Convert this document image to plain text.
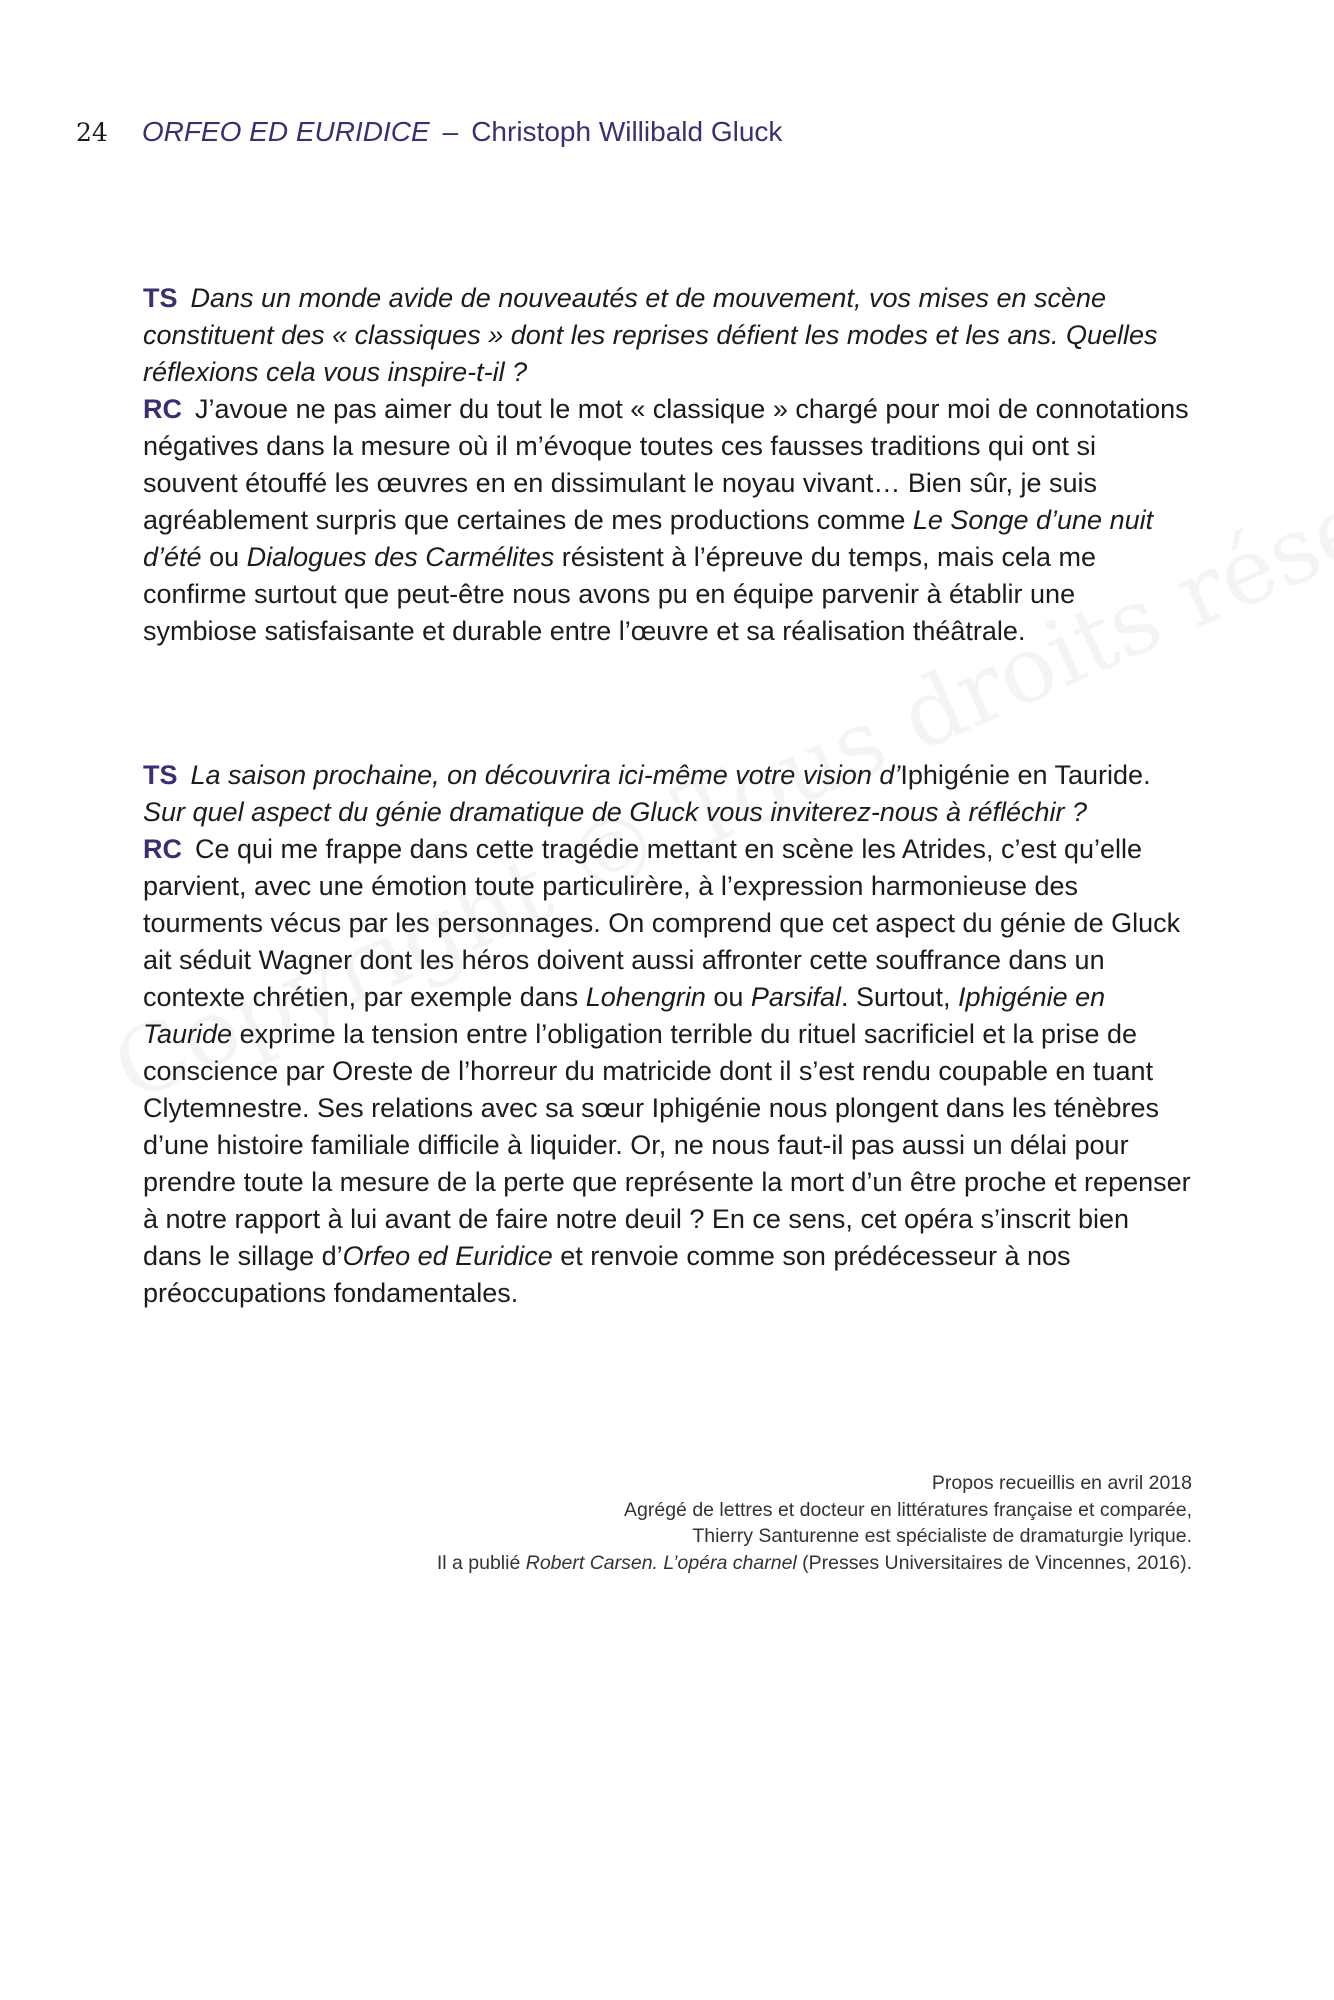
24 ORFEO ED EURIDICE – Christoph Willibald Gluck

TS Dans un monde avide de nouveautés et de mouvement, vos mises en scène constituent des « classiques » dont les reprises défient les modes et les ans. Quelles réflexions cela vous inspire-t-il ?

RC J’avoue ne pas aimer du tout le mot « classique » chargé pour moi de connotations négatives dans la mesure où il m’évoque toutes ces fausses traditions qui ont si souvent étouffé les œuvres en en dissimulant le noyau vivant… Bien sûr, je suis agréablement surpris que certaines de mes productions comme Le Songe d’une nuit d’été ou Dialogues des Carmélites résistent à l’épreuve du temps, mais cela me confirme surtout que peut-être nous avons pu en équipe parvenir à établir une symbiose satisfaisante et durable entre l’œuvre et sa réalisation théâtrale.

TS La saison prochaine, on découvrira ici-même votre vision d’Iphigénie en Tauride. Sur quel aspect du génie dramatique de Gluck vous inviterez-nous à réfléchir ?

RC Ce qui me frappe dans cette tragédie mettant en scène les Atrides, c’est qu’elle parvient, avec une émotion toute particulirère, à l’expression harmonieuse des tourments vécus par les personnages. On comprend que cet aspect du génie de Gluck ait séduit Wagner dont les héros doivent aussi affronter cette souffrance dans un contexte chrétien, par exemple dans Lohengrin ou Parsifal. Surtout, Iphigénie en Tauride exprime la tension entre l’obligation terrible du rituel sacrificiel et la prise de conscience par Oreste de l’horreur du matricide dont il s’est rendu coupable en tuant Clytemnestre. Ses relations avec sa sœur Iphigénie nous plongent dans les ténèbres d’une histoire familiale difficile à liquider. Or, ne nous faut-il pas aussi un délai pour prendre toute la mesure de la perte que représente la mort d’un être proche et repenser à notre rapport à lui avant de faire notre deuil ? En ce sens, cet opéra s’inscrit bien dans le sillage d’Orfeo ed Euridice et renvoie comme son prédécesseur à nos préoccupations fondamentales.

Propos recueillis en avril 2018

Agrégé de lettres et docteur en littératures française et comparée,

Thierry Santurenne est spécialiste de dramaturgie lyrique.

Il a publié Robert Carsen. L’opéra charnel (Presses Universitaires de Vincennes, 2016).
